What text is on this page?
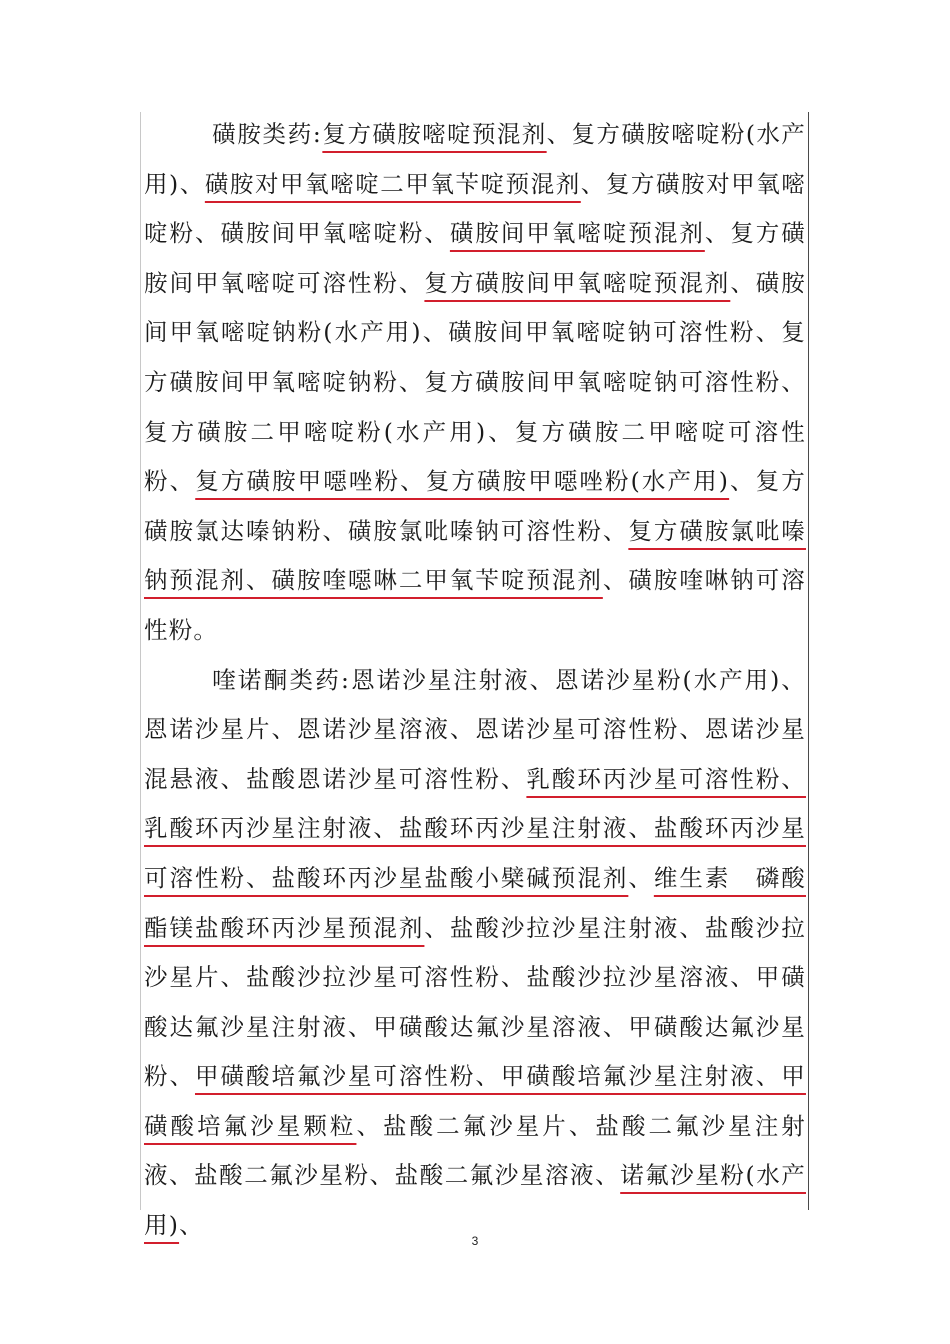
磺胺类药:复方磺胺嘧啶预混剂、复方磺胺嘧啶粉(水产用)、磺胺对甲氧嘧啶二甲氧苄啶预混剂、复方磺胺对甲氧嘧啶粉、磺胺间甲氧嘧啶粉、磺胺间甲氧嘧啶预混剂、复方磺胺间甲氧嘧啶可溶性粉、复方磺胺间甲氧嘧啶预混剂、磺胺间甲氧嘧啶钠粉(水产用)、磺胺间甲氧嘧啶钠可溶性粉、复方磺胺间甲氧嘧啶钠粉、复方磺胺间甲氧嘧啶钠可溶性粉、复方磺胺二甲嘧啶粉(水产用)、复方磺胺二甲嘧啶可溶性粉、复方磺胺甲噁唑粉、复方磺胺甲噁唑粉(水产用)、复方磺胺氯达嗪钠粉、磺胺氯吡嗪钠可溶性粉、复方磺胺氯吡嗪钠预混剂、磺胺喹噁啉二甲氧苄啶预混剂、磺胺喹啉钠可溶性粉。

喹诺酮类药:恩诺沙星注射液、恩诺沙星粉(水产用)、恩诺沙星片、恩诺沙星溶液、恩诺沙星可溶性粉、恩诺沙星混悬液、盐酸恩诺沙星可溶性粉、乳酸环丙沙星可溶性粉、乳酸环丙沙星注射液、盐酸环丙沙星注射液、盐酸环丙沙星可溶性粉、盐酸环丙沙星盐酸小檗碱预混剂、维生素　磷酸酯镁盐酸环丙沙星预混剂、盐酸沙拉沙星注射液、盐酸沙拉沙星片、盐酸沙拉沙星可溶性粉、盐酸沙拉沙星溶液、甲磺酸达氟沙星注射液、甲磺酸达氟沙星溶液、甲磺酸达氟沙星粉、甲磺酸培氟沙星可溶性粉、甲磺酸培氟沙星注射液、甲磺酸培氟沙星颗粒、盐酸二氟沙星片、盐酸二氟沙星注射液、盐酸二氟沙星粉、盐酸二氟沙星溶液、诺氟沙星粉(水产用)、

3
